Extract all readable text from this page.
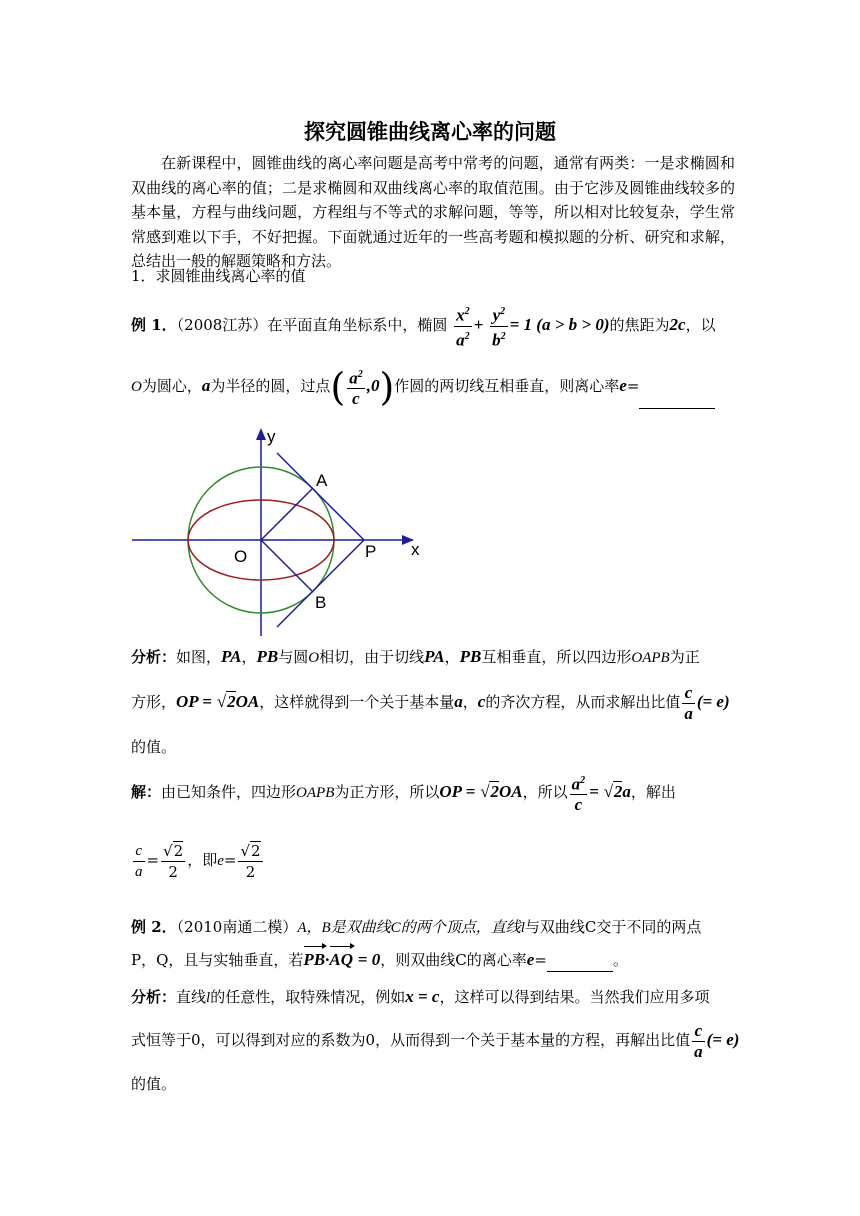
探究圆锥曲线离心率的问题
在新课程中，圆锥曲线的离心率问题是高考中常考的问题，通常有两类：一是求椭圆和双曲线的离心率的值；二是求椭圆和双曲线离心率的取值范围。由于它涉及圆锥曲线较多的基本量，方程与曲线问题，方程组与不等式的求解问题，等等，所以相对比较复杂，学生常常感到难以下手，不好把握。下面就通过近年的一些高考题和模拟题的分析、研究和求解，总结出一般的解题策略和方法。
1．求圆锥曲线离心率的值
例 1．（2008江苏）在平面直角坐标系中，椭圆 $\frac{x^2}{a^2} + \frac{y^2}{b^2} = 1$ (a > b > 0)的焦距为2c，以
O为圆心，a为半径的圆，过点( $\frac{a^2}{c} ,0$)作圆的两切线互相垂直，则离心率e=
y
x
A
B
O	P
分析：如图，PA，PB与圆O相切，由于切线PA，PB互相垂直，所以四边形OAPB为正
方形，OP = √2OA，这样就得到一个关于基本量a，c的齐次方程，从而求解出比值 $\frac{c}{a}$ (= e)
的值。
解：由已知条件，四边形OAPB为正方形，所以OP = √2OA，所以 $\frac{a^2}{c} = √2a$，解出
$\frac{c}{a} = \frac{√2}{2}$ ，即$e= \frac{√2}{2}$
例 2．（2010南通二模）A，B是双曲线C的两个顶点，直线l与双曲线C交于不同的两点
P，Q，且与实轴垂直，若PB·AQ = 0，则双曲线C的离心率e=	。
分析：直线l的任意性，取特殊情况，例如x = c，这样可以得到结果。当然我们应用多项
式恒等于0，可以得到对应的系数为0，从而得到一个关于基本量的方程，再解出比值 $\frac{c}{a}$ (= e)
的值。
